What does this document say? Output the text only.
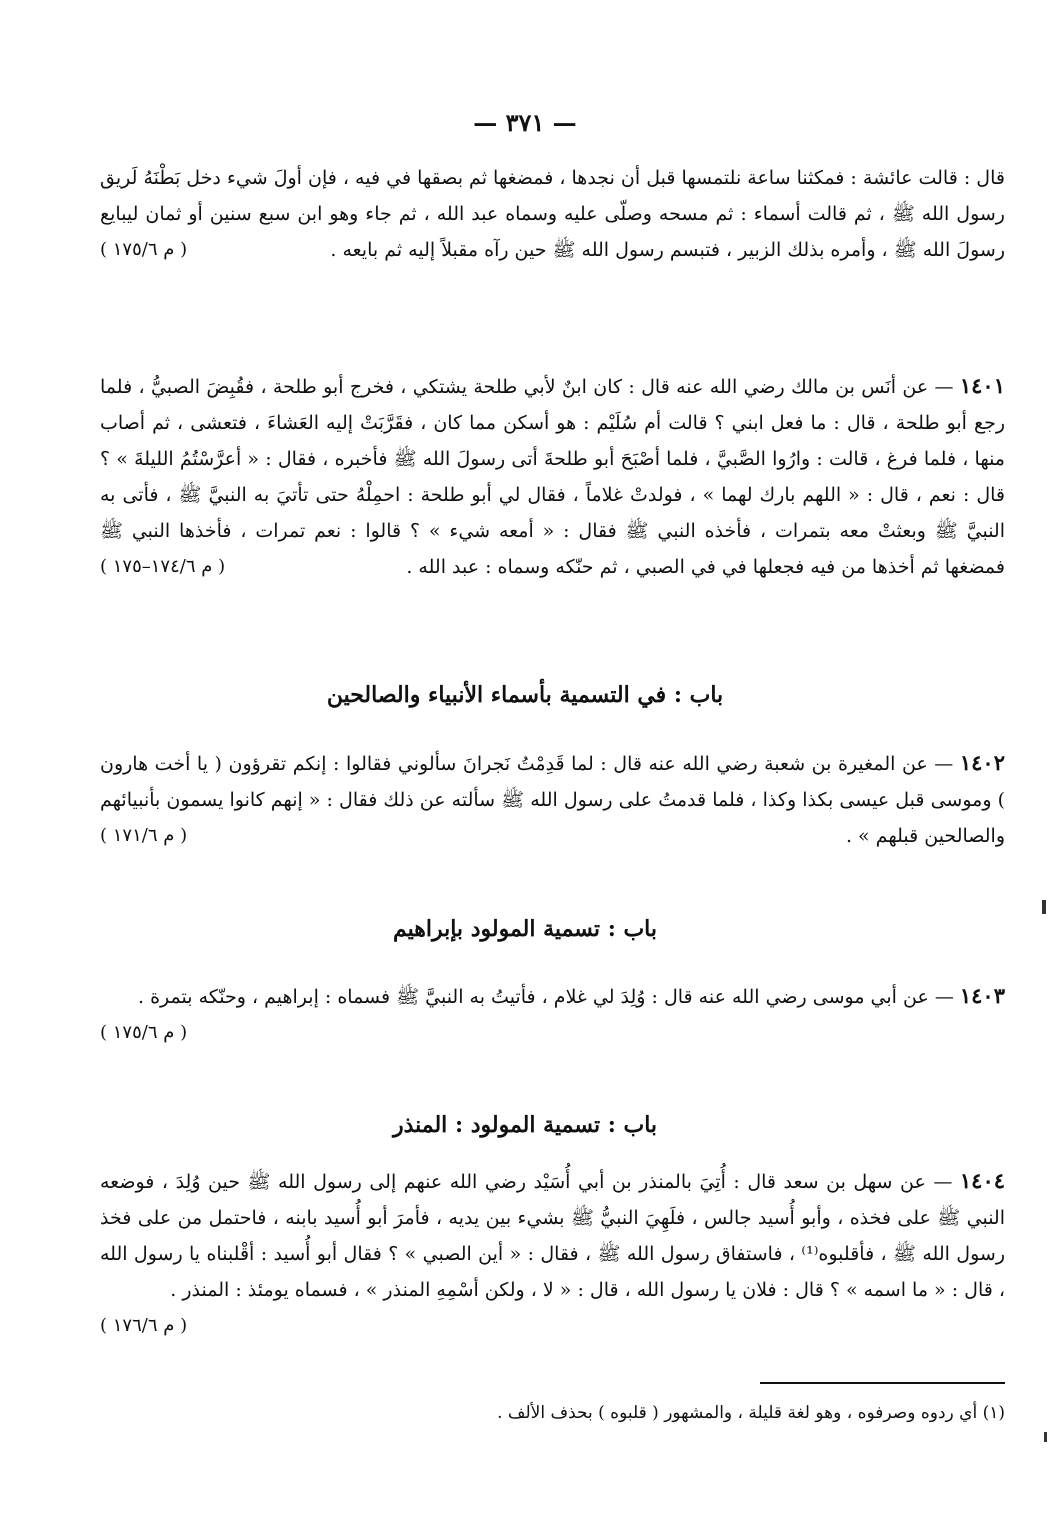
— ٣٧١ —
قال : قالت عائشة : فمكثنا ساعة نلتمسها قبل أن نجدها ، فمضغها ثم بصقها في فيه ، فإن أولَ شيء دخل بَطْنَهُ لَريق رسول الله ﷺ ، ثم قالت أسماء : ثم مسحه وصلّى عليه وسماه عبد الله ، ثم جاء وهو ابن سبع سنين أو ثمان ليبايع رسولَ الله ﷺ ، وأمره بذلك الزبير ، فتبسم رسول الله ﷺ حين رآه مقبلاً إليه ثم بايعه .
( م ١٧٥/٦ )
١٤٠١ — عن أنَس بن مالك رضي الله عنه قال : كان ابنٌ لأبي طلحة يشتكي ، فخرج أبو طلحة ، فقُبِضَ الصبيُّ ، فلما رجع أبو طلحة ، قال : ما فعل ابني ؟ قالت أم سُلَيْم : هو أسكن مما كان ، فقَرَّبَتْ إليه العَشاءَ ، فتعشى ، ثم أصاب منها ، فلما فرغ ، قالت : وارُوا الصَّبيَّ ، فلما أصْبَحَ أبو طلحةَ أتى رسولَ الله ﷺ فأخبره ، فقال : « أعرَّسْتُمُ الليلةَ » ؟ قال : نعم ، قال : « اللهم بارك لهما » ، فولدتْ غلاماً ، فقال لي أبو طلحة : احمِلْهُ حتى تأتيَ به النبيَّ ﷺ ، فأتى به النبيَّ ﷺ وبعثتْ معه بتمرات ، فأخذه النبي ﷺ فقال : « أمعه شيء » ؟ قالوا : نعم تمرات ، فأخذها النبي ﷺ فمضغها ثم أخذها من فيه فجعلها في في الصبي ، ثم حنّكه وسماه : عبد الله .
( م ١٧٤/٦–١٧٥ )
باب : في التسمية بأسماء الأنبياء والصالحين
١٤٠٢ — عن المغيرة بن شعبة رضي الله عنه قال : لما قَدِمْتُ نَجرانَ سألوني فقالوا : إنكم تقرؤون ( يا أخت هارون ) وموسى قبل عيسى بكذا وكذا ، فلما قدمتُ على رسول الله ﷺ سألته عن ذلك فقال : « إنهم كانوا يسمون بأنبيائهم والصالحين قبلهم » .
( م ١٧١/٦ )
باب : تسمية المولود بإبراهيم
١٤٠٣ — عن أبي موسى رضي الله عنه قال : وُلِدَ لي غلام ، فأتيتُ به النبيَّ ﷺ فسماه : إبراهيم ، وحنّكه بتمرة .
( م ١٧٥/٦ )
باب : تسمية المولود : المنذر
١٤٠٤ — عن سهل بن سعد قال : أُتِيَ بالمنذر بن أبي أُسَيْد رضي الله عنهم إلى رسول الله ﷺ حين وُلِدَ ، فوضعه النبي ﷺ على فخذه ، وأبو أُسيد جالس ، فلَهِيَ النبيُّ ﷺ بشيء بين يديه ، فأمرَ أبو أُسيد بابنه ، فاحتمل من على فخذ رسول الله ﷺ ، فأقلبوه⁽¹⁾ ، فاستفاق رسول الله ﷺ ، فقال : « أين الصبي » ؟ فقال أبو أُسيد : أقْلبناه يا رسول الله ، قال : « ما اسمه » ؟ قال : فلان يا رسول الله ، قال : « لا ، ولكن أسْمِهِ المنذر » ، فسماه يومئذ : المنذر .
( م ١٧٦/٦ )
(١) أي ردوه وصرفوه ، وهو لغة قليلة ، والمشهور ( قلبوه ) بحذف الألف .
